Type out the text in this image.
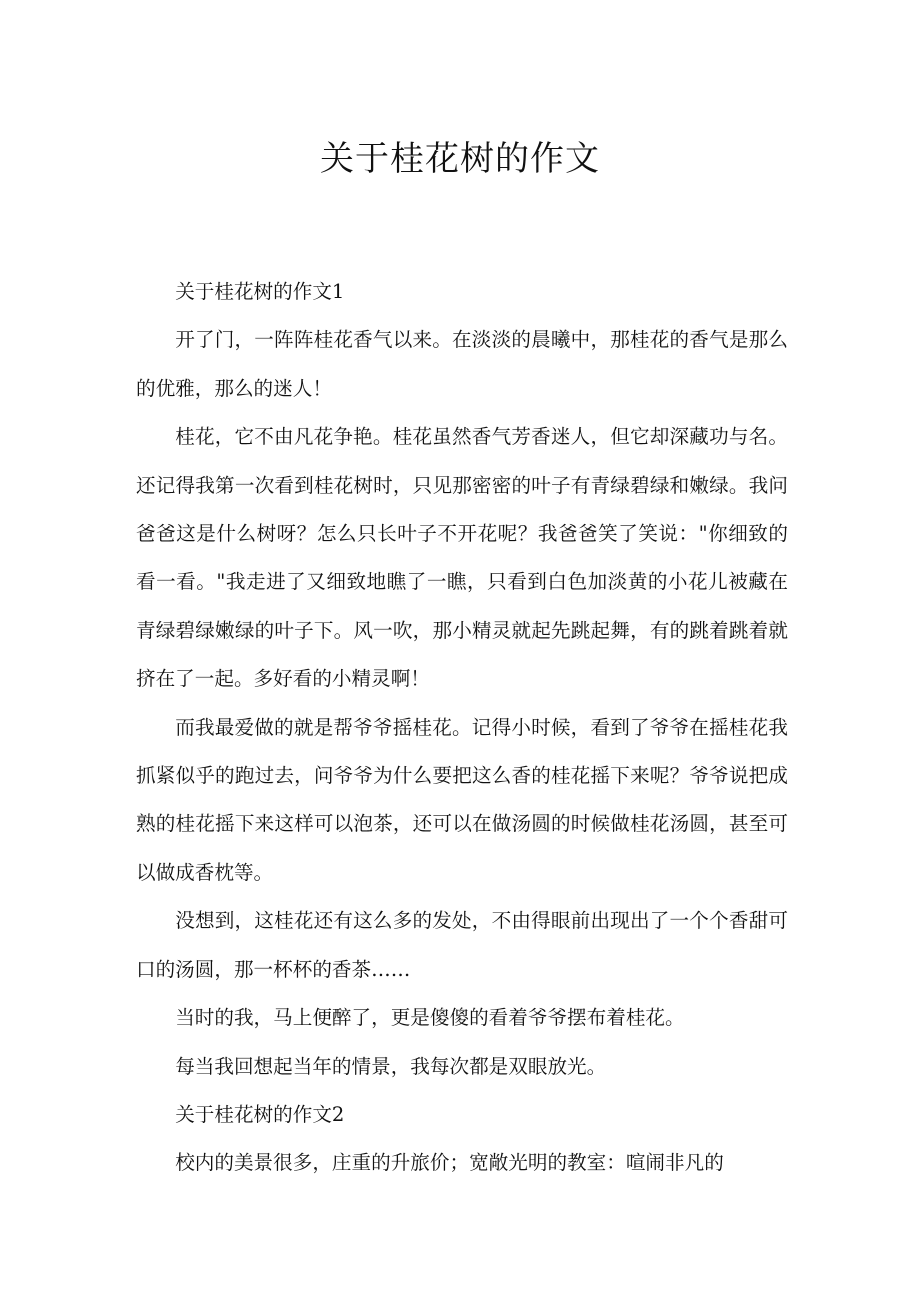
关于桂花树的作文

关于桂花树的作文1

开了门，一阵阵桂花香气以来。在淡淡的晨曦中，那桂花的香气是那么的优雅，那么的迷人！

桂花，它不由凡花争艳。桂花虽然香气芳香迷人，但它却深藏功与名。还记得我第一次看到桂花树时，只见那密密的叶子有青绿碧绿和嫩绿。我问爸爸这是什么树呀？怎么只长叶子不开花呢？我爸爸笑了笑说："你细致的看一看。"我走进了又细致地瞧了一瞧，只看到白色加淡黄的小花儿被藏在青绿碧绿嫩绿的叶子下。风一吹，那小精灵就起先跳起舞，有的跳着跳着就挤在了一起。多好看的小精灵啊！

而我最爱做的就是帮爷爷摇桂花。记得小时候，看到了爷爷在摇桂花我抓紧似乎的跑过去，问爷爷为什么要把这么香的桂花摇下来呢？爷爷说把成熟的桂花摇下来这样可以泡茶，还可以在做汤圆的时候做桂花汤圆，甚至可以做成香枕等。

没想到，这桂花还有这么多的发处，不由得眼前出现出了一个个香甜可口的汤圆，那一杯杯的香茶……

当时的我，马上便醉了，更是傻傻的看着爷爷摆布着桂花。

每当我回想起当年的情景，我每次都是双眼放光。

关于桂花树的作文2

校内的美景很多，庄重的升旅价；宽敞光明的教室：喧闹非凡的
